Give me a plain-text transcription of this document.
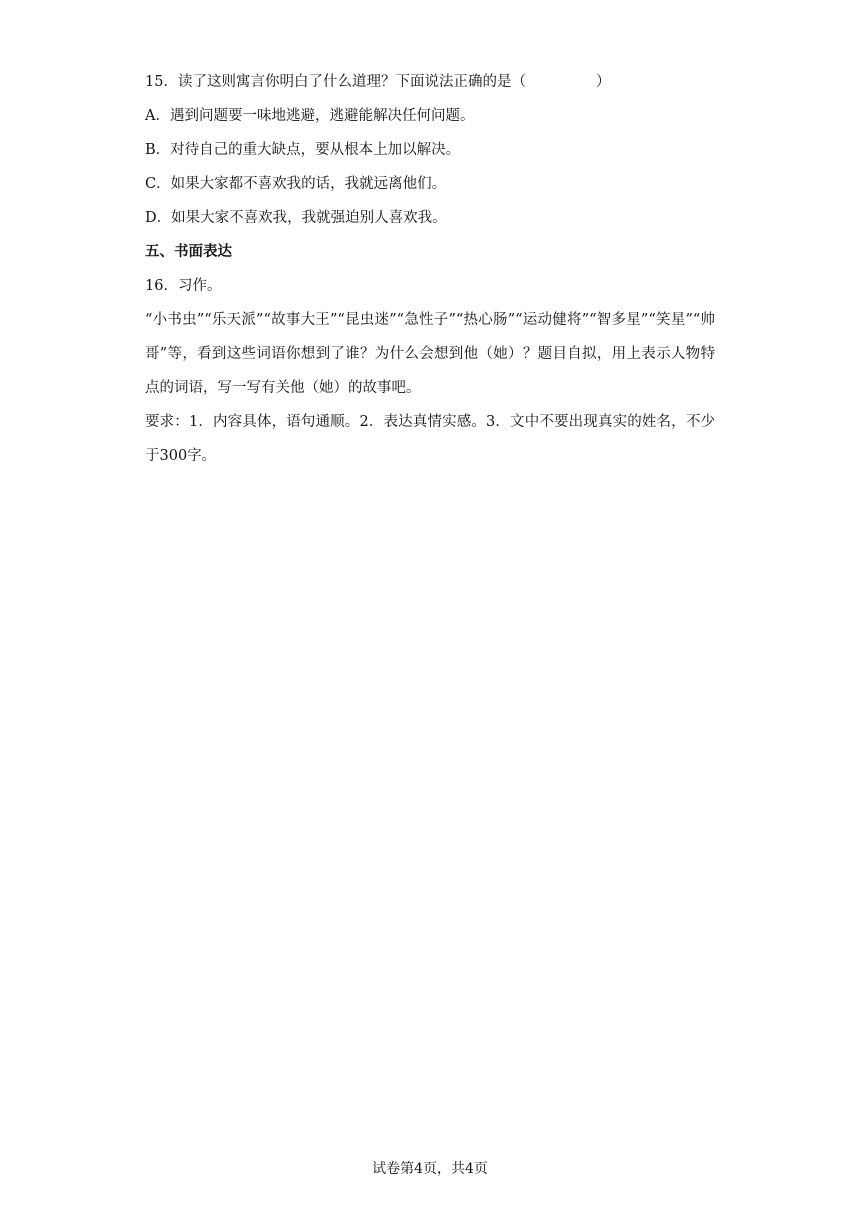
15．读了这则寓言你明白了什么道理？下面说法正确的是（	）
A．遇到问题要一味地逃避，逃避能解决任何问题。
B．对待自己的重大缺点，要从根本上加以解决。
C．如果大家都不喜欢我的话，我就远离他们。
D．如果大家不喜欢我，我就强迫别人喜欢我。
五、书面表达
16．习作。

“小书虫”“乐天派”“故事大王”“昆虫迷”“急性子”“热心肠”“运动健将”“智多星”“笑星”“帅哥”等，看到这些词语你想到了谁？为什么会想到他（她）？题目自拟，用上表示人物特点的词语，写一写有关他（她）的故事吧。

要求：1．内容具体，语句通顺。2．表达真情实感。3．文中不要出现真实的姓名，不少于300字。

试卷第4页，共4页
